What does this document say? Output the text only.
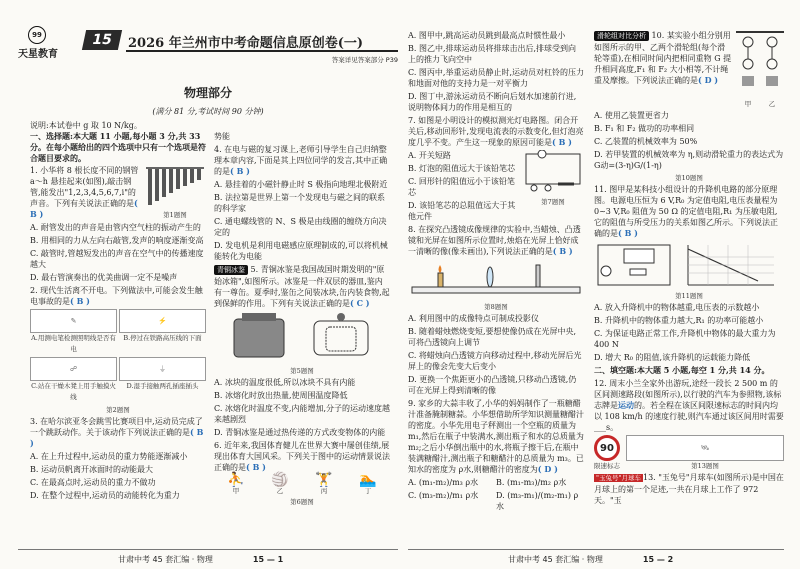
99
天星教育
15	2026 年兰州市中考命题信息原创卷(一)
答案详见答案部分 P39
物理部分
(满分 81 分,考试时间 90 分钟)
说明:本试卷中 g 取 10 N/kg。
一、选择题:本大题 11 小题,每小题 3 分,共 33 分。在每小题给出的四个选项中只有一个选项是符合题目要求的。

1. 小华将 8 根长度不同的钢管 a～h 悬挂起来(如图),敲击钢管,能发出"1,2,3,4,5,6,7,i"的声音。下列有关说法正确的是( B )	第1题图

A. 耐管发出的声音是由管内空气柱的振动产生的

B. 用相同的力从左向右敲管,发声的响度逐渐变高

C. 敲管时,管越短发出的声音在空气中的传播速度越大

D. 最右管演奏出的优美曲调一定不是噪声

2. 现代生活离不开电。下列做法中,可能会发生触电事故的是( B )

✎
A.用测电笔检测照明线是否有电
⚡
B.停过在铁路高压线的下面
☍
C.站在干燥木凳上用手触摸火线
⏚
D.湿手接触两孔插座插头
第2题图

3. 在哈尔滨亚冬会跳雪比赛项目中,运动员完成了一个跳跃动作。关于该动作下列说法正确的是( B )

A. 在上升过程中,运动员的重力势能逐渐减小

B. 运动员帆离开冰面时的动能最大

C. 在最高点时,运动员的重力不做功

D. 在整个过程中,运动员的动能转化为重力

势能

4. 在电与磁的复习课上,老师引导学生自己归纳整理本章内容,下面是其上四位同学的发言,其中正确的是( B )

A. 悬挂着的小磁针静止时 S 极指向地理北极附近

B. 法拉第是世界上第一个发现电与磁之间的联系的科学家

C. 通电螺线管的 N、S 极是由线圈的缠绕方向决定的

D. 发电机是利用电磁感应原理制成的,可以将机械能转化为电能

青铜冰鉴 5. 青铜冰鉴是我国战国时期发明的"原始冰箱",如图所示。冰鉴是一件双层的器皿,鉴内有一尊缶。夏季时,鉴缶之间装冰块,缶内装食物,起到保鲜的作用。下列有关说法正确的是( C )

第5题图

A. 冰块的温度很低,所以冰块不具有内能

B. 冰熔化时放出热量,使周围温度降低

C. 冰熔化时温度不变,内能增加,分子的运动速度越来越剧烈

D. 青铜冰鉴是通过热传递的方式改变物体的内能

6. 近年来,我国体育健儿在世界大赛中屡创佳绩,展现出体育大国风采。下列关于图中的运动情景说法正确的是( B )

⛹
甲
🏐
乙
🏋
丙
🏊
丁
第6题图

A. 图甲中,跳高运动员跳到最高点时惯性最小

B. 图乙中,排球运动员将排球击出后,排球受到向上的推力飞向空中

C. 图丙中,举重运动员静止时,运动员对杠铃的压力和地面对他的支持力是一对平衡力

D. 图丁中,游泳运动员不断向后划水加速前行进,说明物体间力的作用是相互的

7. 如图是小明设计的模拟测光灯电路图。闭合开关后,移动回形针,发现电流表的示数变化,但灯泡亮度几乎不变。产生这一现象的原因可能是( B )

A. 开关短路

B. 灯泡的阻值远大于该铅笔芯

C. 回形针的阻值远小于该铅笔芯

D. 该铅笔芯的总阻值远大于其他元件

第7题图

8. 在探究凸透镜成像规律的实验中,当蜡烛、凸透镜和光屏在如图所示位置时,烛焰在光屏上恰好成一清晰的像(像未画出),下列说法正确的是( B )

第8题图

A. 利用图中的成像特点可制成投影仪

B. 随着蜡烛燃烧变短,要想使像仍成在光屏中央,可将凸透镜向上调节

C. 将蜡烛向凸透镜方向移动过程中,移动光屏后光屏上的像会先变大后变小

D. 更换一个焦距更小的凸透镜,只移动凸透镜,仍可在光屏上得到清晰的像

9. 家乡的大蒜丰收了,小华的妈妈制作了一瓶糖醋汁准备腌制糖蒜。小华想借助所学知识测量糖醋汁的密度。小华先用电子秤测出一个空瓶的质量为 m₁,然后在瓶子中装满水,测出瓶子和水的总质量为 m₂;之后小华倒出瓶中的水,将瓶子擦干后,在瓶中装满糖醋汁,测出瓶子和糖醋汁的总质量为 m₃。已知水的密度为 ρ水,则糖醋汁的密度为( D )

A. (m₁-m₂)/m₃ ρ水	B. (m₁-m₃)/m₂ ρ水

C. (m₃-m₂)/m₁ ρ水	D. (m₃-m₁)/(m₂-m₁) ρ水

滑轮组对比分析 10. 某实验小组分别用如图所示的甲、乙两个滑轮组(每个滑轮等重),在相同时间内把相同重物 G 提升相同高度,F₁ 和 F₂ 大小相等,不计绳重及摩擦。下列说法正确的是( D )

甲	乙

A. 使用乙装置更省力

B. F₁ 和 F₂ 做功的功率相同

C. 乙装置的机械效率为 50%

D. 若甲装置的机械效率为 η,则动滑轮重力的表达式为 G动=(3-η)G/(1-η)

第10题图

11. 图甲是某科技小组设计的升降机电路的部分原理图。电源电压恒为 6 V,R₀ 为定值电阻,电压表量程为 0~3 V,R₀ 阻值为 50 Ω 的定值电阻,R₁ 为压敏电阻,它的阻值与所受压力的关系如图乙所示。下列说法正确的是( B )

第11题图

A. 放入升降机中的物体越重,电压表的示数越小

B. 升降机中的物体重力越大,R₁ 的功率可能越小

C. 为保证电路正常工作,升降机中物体的最大重力为 400 N

D. 增大 R₀ 的阻值,该升降机的运载能力降低

二、填空题:本大题 5 小题,每空 1 分,共 14 分。

12. 周末小兰全家外出游玩,途经一段长 2 500 m 的区间测速路段(如图所示),以行驶的汽车为参照物,该标志牌是运动的。若全程在该区间限速标志的时间内均以 108 km/h 的速度行驶,则汽车通过该区间用时需要___s。

90
限速标志
🛰
第13题图

"玉兔号"月球车 13. "玉兔号"月球车(如图所示)是中国在月球上的第一个足迹,一共在月球上工作了 972 天。"玉

甘肃中考 45 套汇编 · 物理	15 — 1	甘肃中考 45 套汇编 · 物理	15 — 2
